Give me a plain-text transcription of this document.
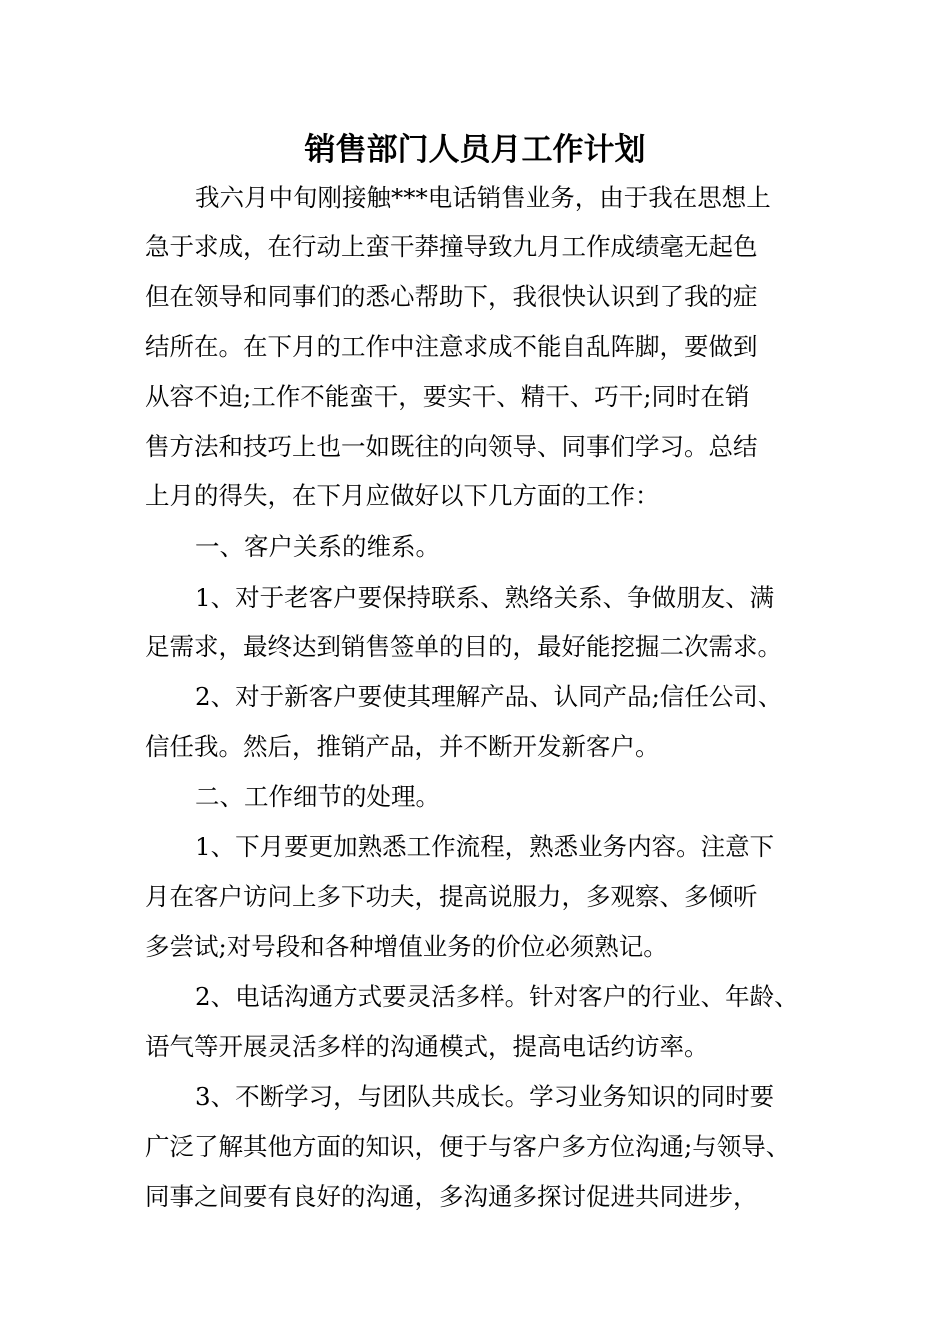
销售部门人员月工作计划

我六月中旬刚接触***电话销售业务，由于我在思想上

急于求成，在行动上蛮干莽撞导致九月工作成绩毫无起色

但在领导和同事们的悉心帮助下，我很快认识到了我的症

结所在。在下月的工作中注意求成不能自乱阵脚，要做到

从容不迫;工作不能蛮干，要实干、精干、巧干;同时在销

售方法和技巧上也一如既往的向领导、同事们学习。总结

上月的得失，在下月应做好以下几方面的工作：

一、客户关系的维系。

1、对于老客户要保持联系、熟络关系、争做朋友、满

足需求，最终达到销售签单的目的，最好能挖掘二次需求。

2、对于新客户要使其理解产品、认同产品;信任公司、

信任我。然后，推销产品，并不断开发新客户。

二、工作细节的处理。

1、下月要更加熟悉工作流程，熟悉业务内容。注意下

月在客户访问上多下功夫，提高说服力，多观察、多倾听

多尝试;对号段和各种增值业务的价位必须熟记。

2、电话沟通方式要灵活多样。针对客户的行业、年龄、

语气等开展灵活多样的沟通模式，提高电话约访率。

3、不断学习，与团队共成长。学习业务知识的同时要

广泛了解其他方面的知识，便于与客户多方位沟通;与领导、

同事之间要有良好的沟通，多沟通多探讨促进共同进步，
